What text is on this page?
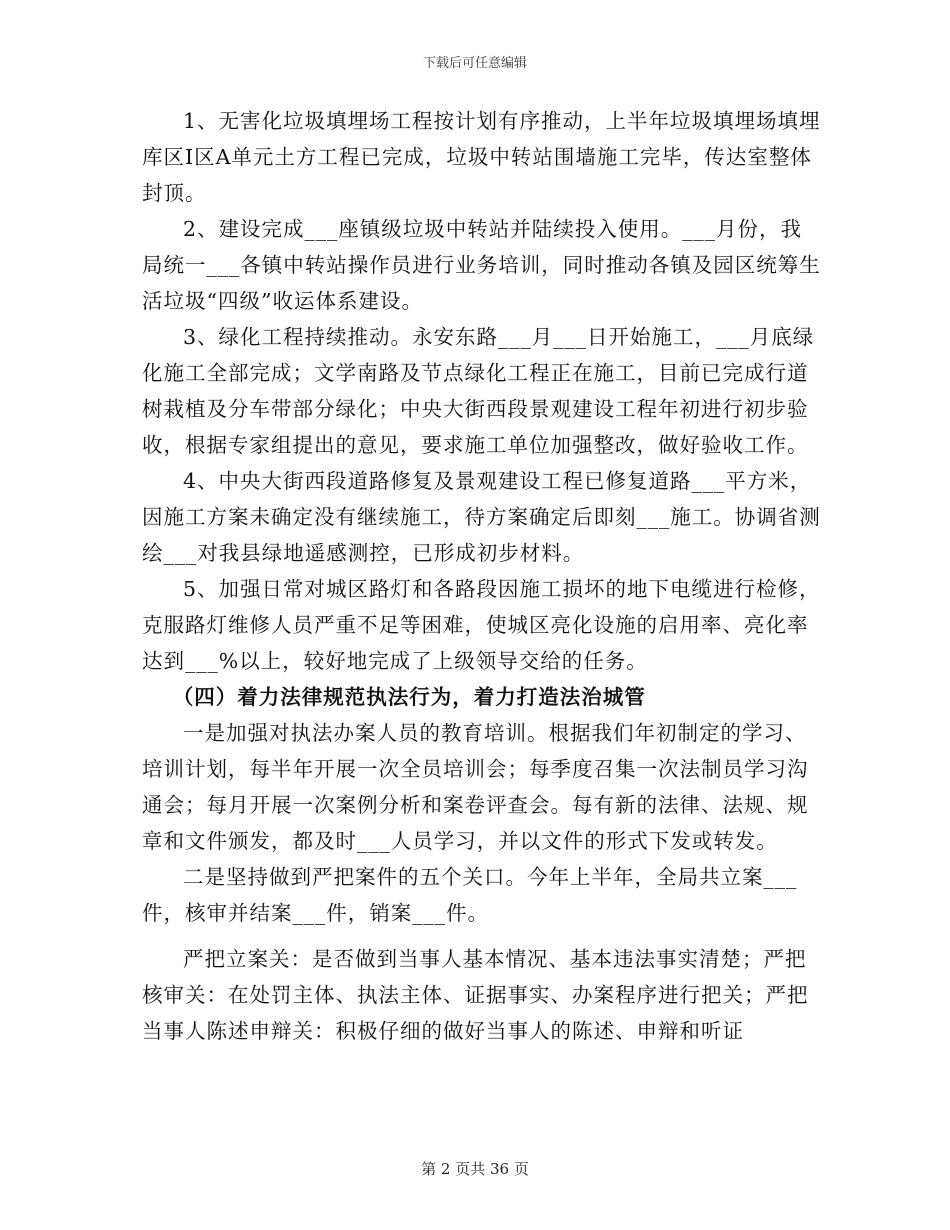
下载后可任意编辑

1、无害化垃圾填埋场工程按计划有序推动，上半年垃圾填埋场填埋库区Ⅰ区A单元土方工程已完成，垃圾中转站围墙施工完毕，传达室整体封顶。

2、建设完成___座镇级垃圾中转站并陆续投入使用。___月份，我局统一___各镇中转站操作员进行业务培训，同时推动各镇及园区统筹生活垃圾“四级”收运体系建设。

3、绿化工程持续推动。永安东路___月___日开始施工，___月底绿化施工全部完成；文学南路及节点绿化工程正在施工，目前已完成行道树栽植及分车带部分绿化；中央大街西段景观建设工程年初进行初步验收，根据专家组提出的意见，要求施工单位加强整改，做好验收工作。

4、中央大街西段道路修复及景观建设工程已修复道路___平方米，因施工方案未确定没有继续施工，待方案确定后即刻___施工。协调省测绘___对我县绿地遥感测控，已形成初步材料。

5、加强日常对城区路灯和各路段因施工损坏的地下电缆进行检修，克服路灯维修人员严重不足等困难，使城区亮化设施的启用率、亮化率达到___%以上，较好地完成了上级领导交给的任务。

（四）着力法律规范执法行为，着力打造法治城管

一是加强对执法办案人员的教育培训。根据我们年初制定的学习、培训计划，每半年开展一次全员培训会；每季度召集一次法制员学习沟通会；每月开展一次案例分析和案卷评查会。每有新的法律、法规、规章和文件颁发，都及时___人员学习，并以文件的形式下发或转发。

二是坚持做到严把案件的五个关口。今年上半年，全局共立案___件，核审并结案___件，销案___件。

严把立案关：是否做到当事人基本情况、基本违法事实清楚；严把核审关：在处罚主体、执法主体、证据事实、办案程序进行把关；严把当事人陈述申辩关：积极仔细的做好当事人的陈述、申辩和听证

第 2 页共 36 页
